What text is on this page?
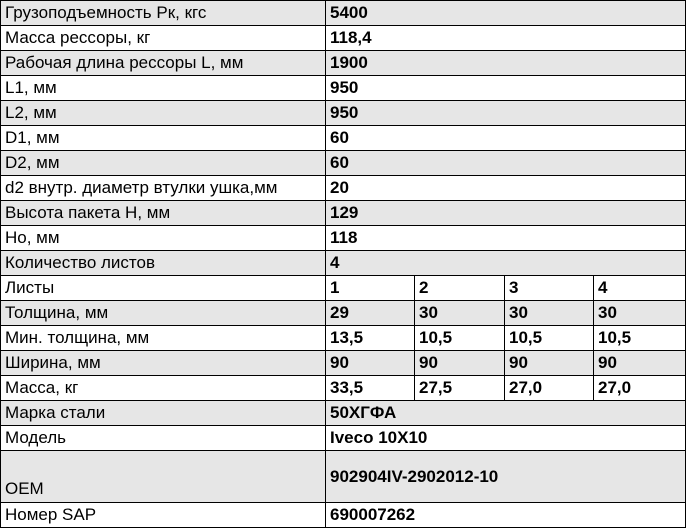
Грузоподъемность Pк, кгс	5400			
Масса рессоры, кг	118,4			
Рабочая длина рессоры L, мм	1900			
L1, мм	950			
L2, мм	950			
D1, мм	60			
D2, мм	60			
d2 внутр. диаметр втулки ушка,мм	20			
Высота пакета H, мм	129			
Ho, мм	118			
Количество листов	4			
Листы	1	2	3	4
Толщина, мм	29	30	30	30
Мин. толщина, мм	13,5	10,5	10,5	10,5
Ширина, мм	90	90	90	90
Масса, кг	33,5	27,5	27,0	27,0
Марка стали	50ХГФА			
Модель	Iveco 10X10			
OEM	902904IV-2902012-10			
Номер SAP	690007262			
